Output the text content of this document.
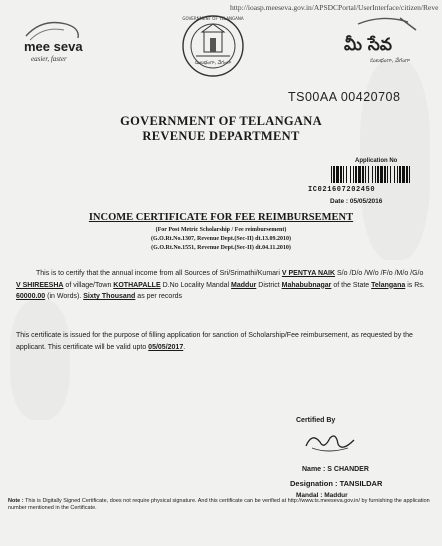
http://ioasp.meeseva.gov.in/APSDCPortal/UserInterface/citizen/Reve
mee seva
easier, faster	సులభంగా, వేగంగా
GOVERNMENT OF TELANGANA
మీ సేవ
సులభంగా, వేగంగా
TS00AA 00420708
GOVERNMENT OF TELANGANA
REVENUE DEPARTMENT
Application No
IC021607202450
Date : 05/05/2016
INCOME CERTIFICATE FOR FEE REIMBURSEMENT
(For Post Metric Scholarship / Fee reimbursement)
(G.O.Rt.No.1307, Revenue Dept.(Sec-II) dt.13.09.2010)
(G.O.Rt.No.1551, Revenue Dept.(Sec-II) dt.04.11.2010)
This is to certify that the annual income from all Sources of Sri/Srimathi/Kumari V PENTYA NAIK S/o /D/o /W/o /F/o /M/o /G/o V SHIREESHA of village/Town KOTHAPALLE D.No Locality Mandal Maddur District Mahabubnagar of the State Telangana is Rs. 60000.00 (in Words). Sixty Thousand as per records
This certificate is issued for the purpose of filling application for sanction of Scholarship/Fee reimbursement, as requested by the applicant. This certificate will be valid upto 05/05/2017.
Certified By
Name : S CHANDER
Designation : TANSILDAR
Mandal : Maddur
Note : This is Digitally Signed Certificate, does not require physical signature. And this certificate can be verified at http://www.ts.meeseva.gov.in/ by furnishing the application number mentioned in the Certificate.
